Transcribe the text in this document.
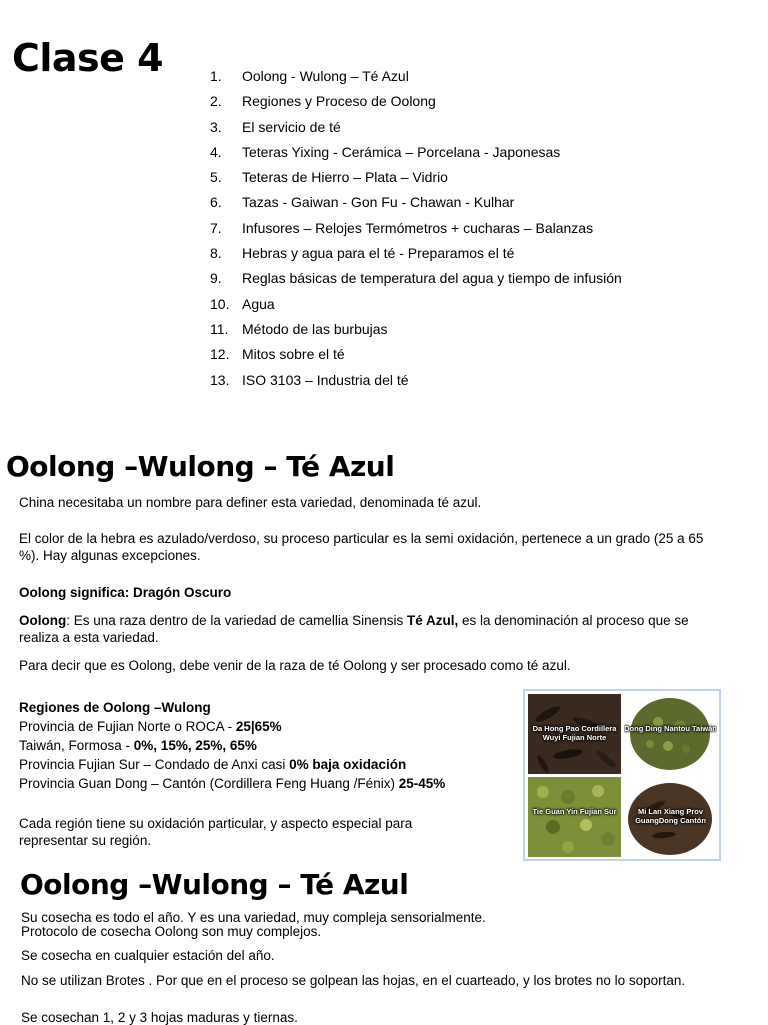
Clase 4	1.	Oolong - Wulong – Té Azul
2.	Regiones y Proceso de Oolong
3.	El servicio de té
4.	Teteras Yixing - Cerámica – Porcelana - Japonesas
5.	Teteras de Hierro – Plata – Vidrio
6.	Tazas - Gaiwan - Gon Fu - Chawan - Kulhar
7.	Infusores – Relojes Termómetros + cucharas – Balanzas
8.	Hebras y agua para el té - Preparamos el té
9.	Reglas básicas de temperatura del agua y tiempo de infusión
10. Agua
11. Método de las burbujas
12. Mitos sobre el té
13. ISO 3103 – Industria del té
Oolong –Wulong – Té Azul
China necesitaba un nombre para definer esta variedad, denominada té azul.
El color de la hebra es azulado/verdoso, su proceso particular es la semi oxidación, pertenece a un grado (25 a 65 %). Hay algunas excepciones.
Oolong significa: Dragón Oscuro
Oolong: Es una raza dentro de la variedad de camellia Sinensis Té Azul, es la denominación al proceso que se realiza a esta variedad.
Para decir que es Oolong, debe venir de la raza de té Oolong y ser procesado como té azul.
Regiones de Oolong –Wulong
Provincia de Fujian Norte o ROCA - 25|65%
Taiwán, Formosa - 0%, 15%, 25%, 65%
Provincia Fujian Sur – Condado de Anxi casi 0% baja oxidación
Provincia Guan Dong – Cantón (Cordillera Feng Huang /Fénix) 25-45%
Cada región tiene su oxidación particular, y aspecto especial para representar su región.
Da Hong Pao Cordillera Wuyi Fujian Norte
Dong Ding Nantou Taiwán
Tie Guan Yin Fujian Sur	Mi Lan Xiang Prov GuangDong Cantón
Oolong –Wulong – Té Azul
Su cosecha es todo el año. Y es una variedad, muy compleja sensorialmente.
Protocolo de cosecha Oolong son muy complejos.
Se cosecha en cualquier estación del año.
No se utilizan Brotes . Por que en el proceso se golpean las hojas, en el cuarteado, y los brotes no lo soportan.
Se cosechan 1, 2 y 3 hojas maduras y tiernas.
